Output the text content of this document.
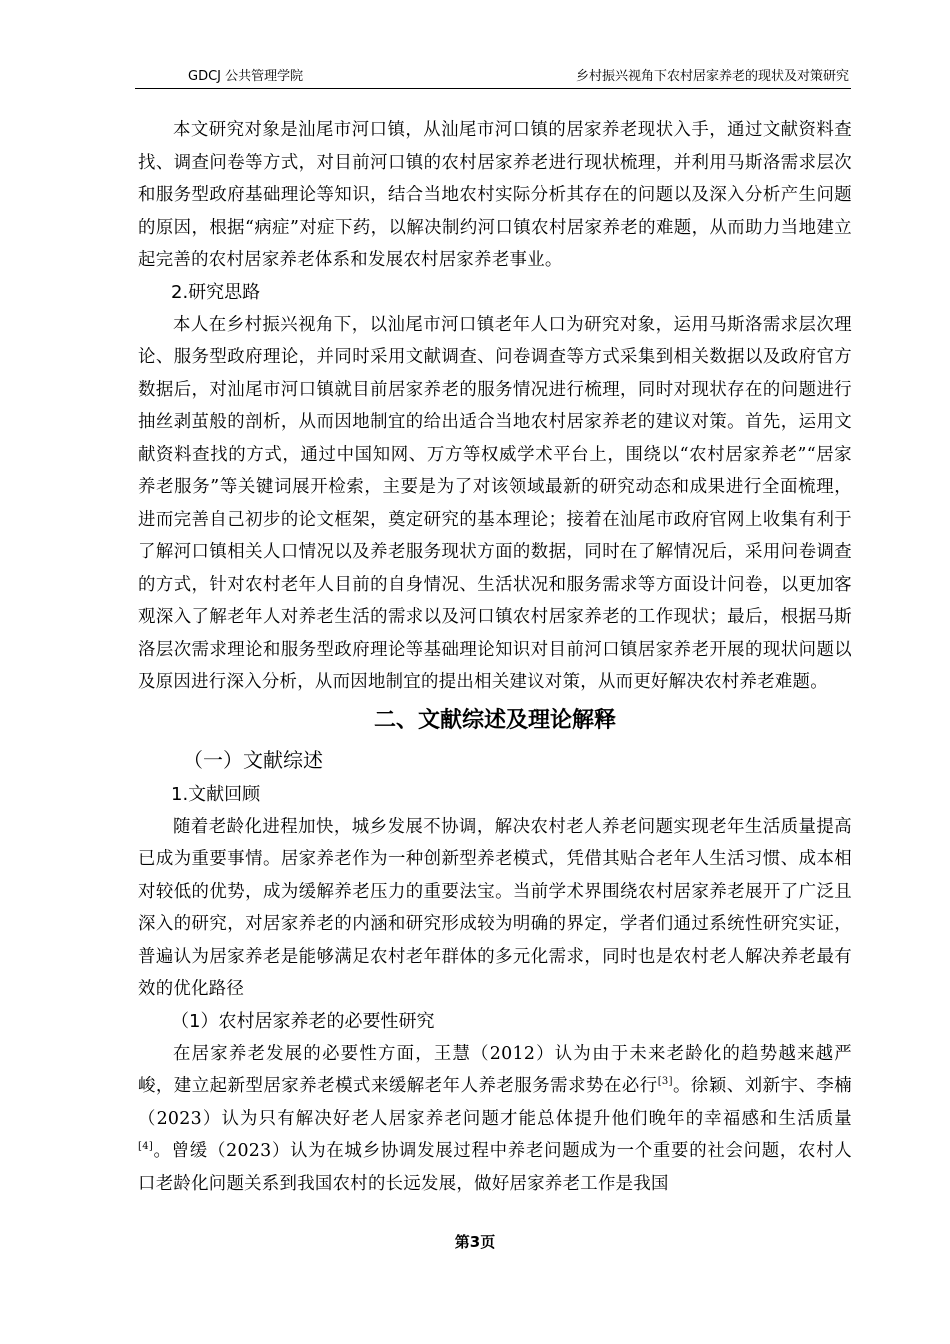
GDCJ 公共管理学院	乡村振兴视角下农村居家养老的现状及对策研究

本文研究对象是汕尾市河口镇，从汕尾市河口镇的居家养老现状入手，通过文献资料查找、调查问卷等方式，对目前河口镇的农村居家养老进行现状梳理，并利用马斯洛需求层次和服务型政府基础理论等知识，结合当地农村实际分析其存在的问题以及深入分析产生问题的原因，根据“病症”对症下药，以解决制约河口镇农村居家养老的难题，从而助力当地建立起完善的农村居家养老体系和发展农村居家养老事业。

2.研究思路

本人在乡村振兴视角下，以汕尾市河口镇老年人口为研究对象，运用马斯洛需求层次理论、服务型政府理论，并同时采用文献调查、问卷调查等方式采集到相关数据以及政府官方数据后，对汕尾市河口镇就目前居家养老的服务情况进行梳理，同时对现状存在的问题进行抽丝剥茧般的剖析，从而因地制宜的给出适合当地农村居家养老的建议对策。首先，运用文献资料查找的方式，通过中国知网、万方等权威学术平台上，围绕以“农村居家养老”“居家养老服务”等关键词展开检索，主要是为了对该领域最新的研究动态和成果进行全面梳理，进而完善自己初步的论文框架，奠定研究的基本理论；接着在汕尾市政府官网上收集有利于了解河口镇相关人口情况以及养老服务现状方面的数据，同时在了解情况后，采用问卷调查的方式，针对农村老年人目前的自身情况、生活状况和服务需求等方面设计问卷，以更加客观深入了解老年人对养老生活的需求以及河口镇农村居家养老的工作现状；最后，根据马斯洛层次需求理论和服务型政府理论等基础理论知识对目前河口镇居家养老开展的现状问题以及原因进行深入分析，从而因地制宜的提出相关建议对策，从而更好解决农村养老难题。

二、文献综述及理论解释
（一）文献综述
1.文献回顾

随着老龄化进程加快，城乡发展不协调，解决农村老人养老问题实现老年生活质量提高已成为重要事情。居家养老作为一种创新型养老模式，凭借其贴合老年人生活习惯、成本相对较低的优势，成为缓解养老压力的重要法宝。当前学术界围绕农村居家养老展开了广泛且深入的研究，对居家养老的内涵和研究形成较为明确的界定，学者们通过系统性研究实证，普遍认为居家养老是能够满足农村老年群体的多元化需求，同时也是农村老人解决养老最有效的优化路径

（1）农村居家养老的必要性研究

在居家养老发展的必要性方面，王慧（2012）认为由于未来老龄化的趋势越来越严峻，建立起新型居家养老模式来缓解老年人养老服务需求势在必行[3]。徐颖、刘新宇、李楠（2023）认为只有解决好老人居家养老问题才能总体提升他们晚年的幸福感和生活质量[4]。曾缓（2023）认为在城乡协调发展过程中养老问题成为一个重要的社会问题，农村人口老龄化问题关系到我国农村的长远发展，做好居家养老工作是我国

第3页
